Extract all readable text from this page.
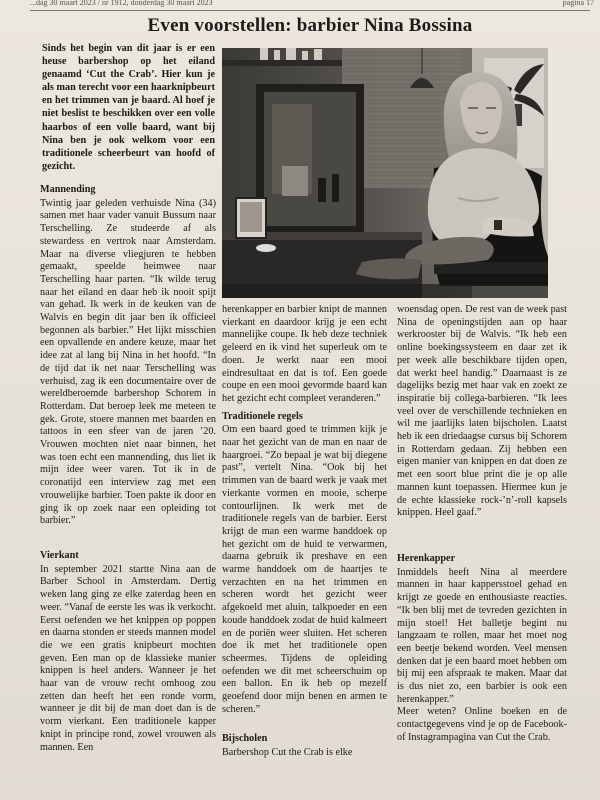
...dag 30 maart 2023 / nr 1912, donderdag 30 maart 2023	pagina 17
Even voorstellen: barbier Nina Bossina

Sinds het begin van dit jaar is er een heuse barbershop op het eiland genaamd ‘Cut the Crab’. Hier kun je als man terecht voor een haarknipbeurt en het trimmen van je baard. Al hoef je niet beslist te beschikken over een volle haarbos of een volle baard, want bij Nina ben je ook welkom voor een traditionele scheerbeurt van hoofd of gezicht.

Mannending

Twintig jaar geleden verhuisde Nina (34) samen met haar vader vanuit Bussum naar Terschelling. Ze studeerde af als stewardess en vertrok naar Amsterdam. Maar na diverse vliegjuren te hebben gemaakt, speelde heimwee naar Terschelling haar parten. “Ik wilde terug naar het eiland en daar heb ik nooit spijt van gehad. Ik werk in de keuken van de Walvis en begin dit jaar ben ik officieel begonnen als barbier.” Het lijkt misschien een opvallende en andere keuze, maar het idee zat al lang bij Nina in het hoofd. “In de tijd dat ik net naar Terschelling was verhuisd, zag ik een documentaire over de wereldberoemde barbershop Schorem in Rotterdam. Dat beroep leek me meteen te gek. Grote, stoere mannen met baarden en tattoos in een sfeer van de jaren ’20. Vrouwen mochten niet naar binnen, het was toen echt een mannending, dus liet ik mijn idee weer varen. Tot ik in de coronatijd een interview zag met een vrouwelijke barbier. Toen pakte ik door en ging ik op zoek naar een opleiding tot barbier.”

Vierkant

In september 2021 startte Nina aan de Barber School in Amsterdam. Dertig weken lang ging ze elke zaterdag heen en weer. “Vanaf de eerste les was ik verkocht. Eerst oefenden we het knippen op poppen en daarna stonden er steeds mannen model die we een gratis knipbeurt mochten geven. Een man op de klassieke manier knippen is heel anders. Wanneer je het haar van de vrouw recht omhoog zou zetten dan heeft het een ronde vorm, wanneer je dit bij de man doet dan is de vorm vierkant. Een traditionele kapper knipt in principe rond, zowel vrouwen als mannen. Een

herenkapper en barbier knipt de mannen vierkant en daardoor krijg je een echt mannelijke coupe. Ik heb deze techniek geleerd en ik vind het superleuk om te doen. Je werkt naar een mooi eindresultaat en dat is tof. Een goede coupe en een mooi gevormde baard kan het gezicht echt compleet veranderen.”

Traditionele regels

Om een baard goed te trimmen kijk je naar het gezicht van de man en naar de haargroei. “Zo bepaal je wat bij diegene past”, vertelt Nina. “Ook bij het trimmen van de baard werk je vaak met vierkante vormen en mooie, scherpe contourlijnen. Ik werk met de traditionele regels van de barbier. Eerst krijgt de man een warme handdoek op het gezicht om de huid te verwarmen, daarna gebruik ik preshave en een warme handdoek om de haartjes te verzachten en na het trimmen en scheren wordt het gezicht weer afgekoeld met aluin, talkpoeder en een koude handdoek zodat de huid kalmeert en de poriën weer sluiten. Het scheren doe ik met het traditionele open scheermes. Tijdens de opleiding oefenden we dit met scheerschuim op een ballon. En ik heb op mezelf geoefend door mijn benen en armen te scheren.”

Bijscholen

Barbershop Cut the Crab is elke

woensdag open. De rest van de week past Nina de openingstijden aan op haar werkrooster bij de Walvis. “Ik heb een online boekingssysteem en daar zet ik per week alle beschikbare tijden open, dat werkt heel handig.” Daarnaast is ze dagelijks bezig met haar vak en zoekt ze inspiratie bij collega-barbieren. “Ik lees veel over de verschillende technieken en wil me jaarlijks laten bijscholen. Laatst heb ik een driedaagse cursus bij Schorem in Rotterdam gedaan. Zij hebben een eigen manier van knippen en dat doen ze met een soort blue print die je op alle mannen kunt toepassen. Hiermee kun je de echte klassieke rock-’n’-roll kapsels knippen. Heel gaaf.”

Herenkapper

Inmiddels heeft Nina al meerdere mannen in haar kappersstoel gehad en krijgt ze goede en enthousiaste reacties. “Ik ben blij met de tevreden gezichten in mijn stoel! Het balletje begint nu langzaam te rollen, maar het moet nog een beetje bekend worden. Veel mensen denken dat je een baard moet hebben om bij mij een afspraak te maken. Maar dat is dus niet zo, een barbier is ook een herenkapper.”

Meer weten? Online boeken en de contactgegevens vind je op de Facebook- of Instagrampagina van Cut the Crab.
